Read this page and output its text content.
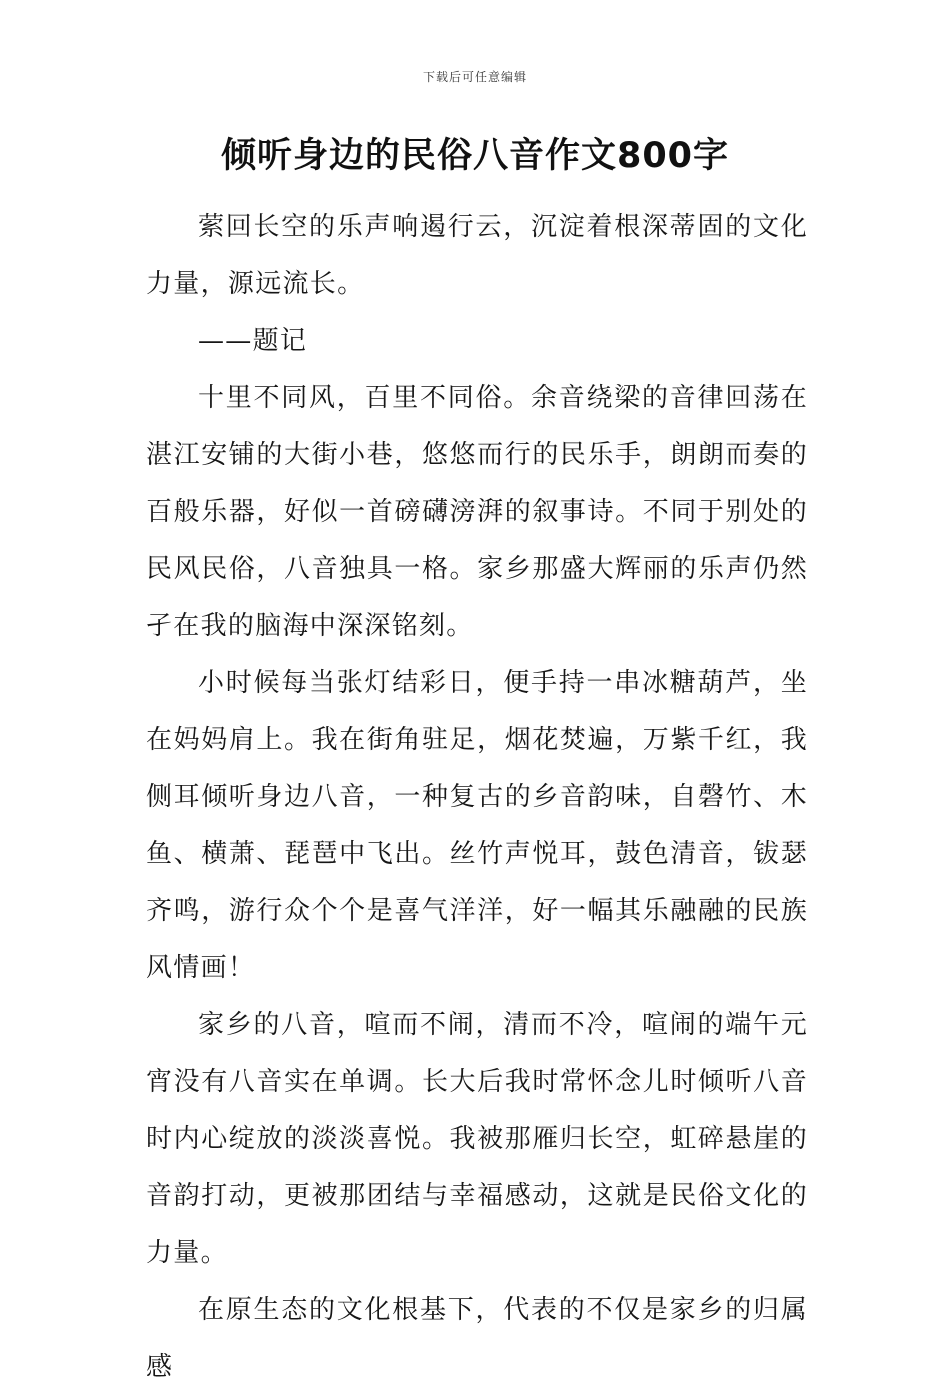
下载后可任意编辑
倾听身边的民俗八音作文800字

萦回长空的乐声响遏行云，沉淀着根深蒂固的文化力量，源远流长。

——题记

十里不同风，百里不同俗。余音绕梁的音律回荡在湛江安铺的大街小巷，悠悠而行的民乐手，朗朗而奏的百般乐器，好似一首磅礴滂湃的叙事诗。不同于别处的民风民俗，八音独具一格。家乡那盛大辉丽的乐声仍然孑在我的脑海中深深铭刻。

小时候每当张灯结彩日，便手持一串冰糖葫芦，坐在妈妈肩上。我在街角驻足，烟花焚遍，万紫千红，我侧耳倾听身边八音，一种复古的乡音韵味，自磬竹、木鱼、横萧、琵琶中飞出。丝竹声悦耳，鼓色清音，钹瑟齐鸣，游行众个个是喜气洋洋，好一幅其乐融融的民族风情画！

家乡的八音，喧而不闹，清而不冷，喧闹的端午元宵没有八音实在单调。长大后我时常怀念儿时倾听八音时内心绽放的淡淡喜悦。我被那雁归长空，虹碎悬崖的音韵打动，更被那团结与幸福感动，这就是民俗文化的力量。

在原生态的文化根基下，代表的不仅是家乡的归属感
